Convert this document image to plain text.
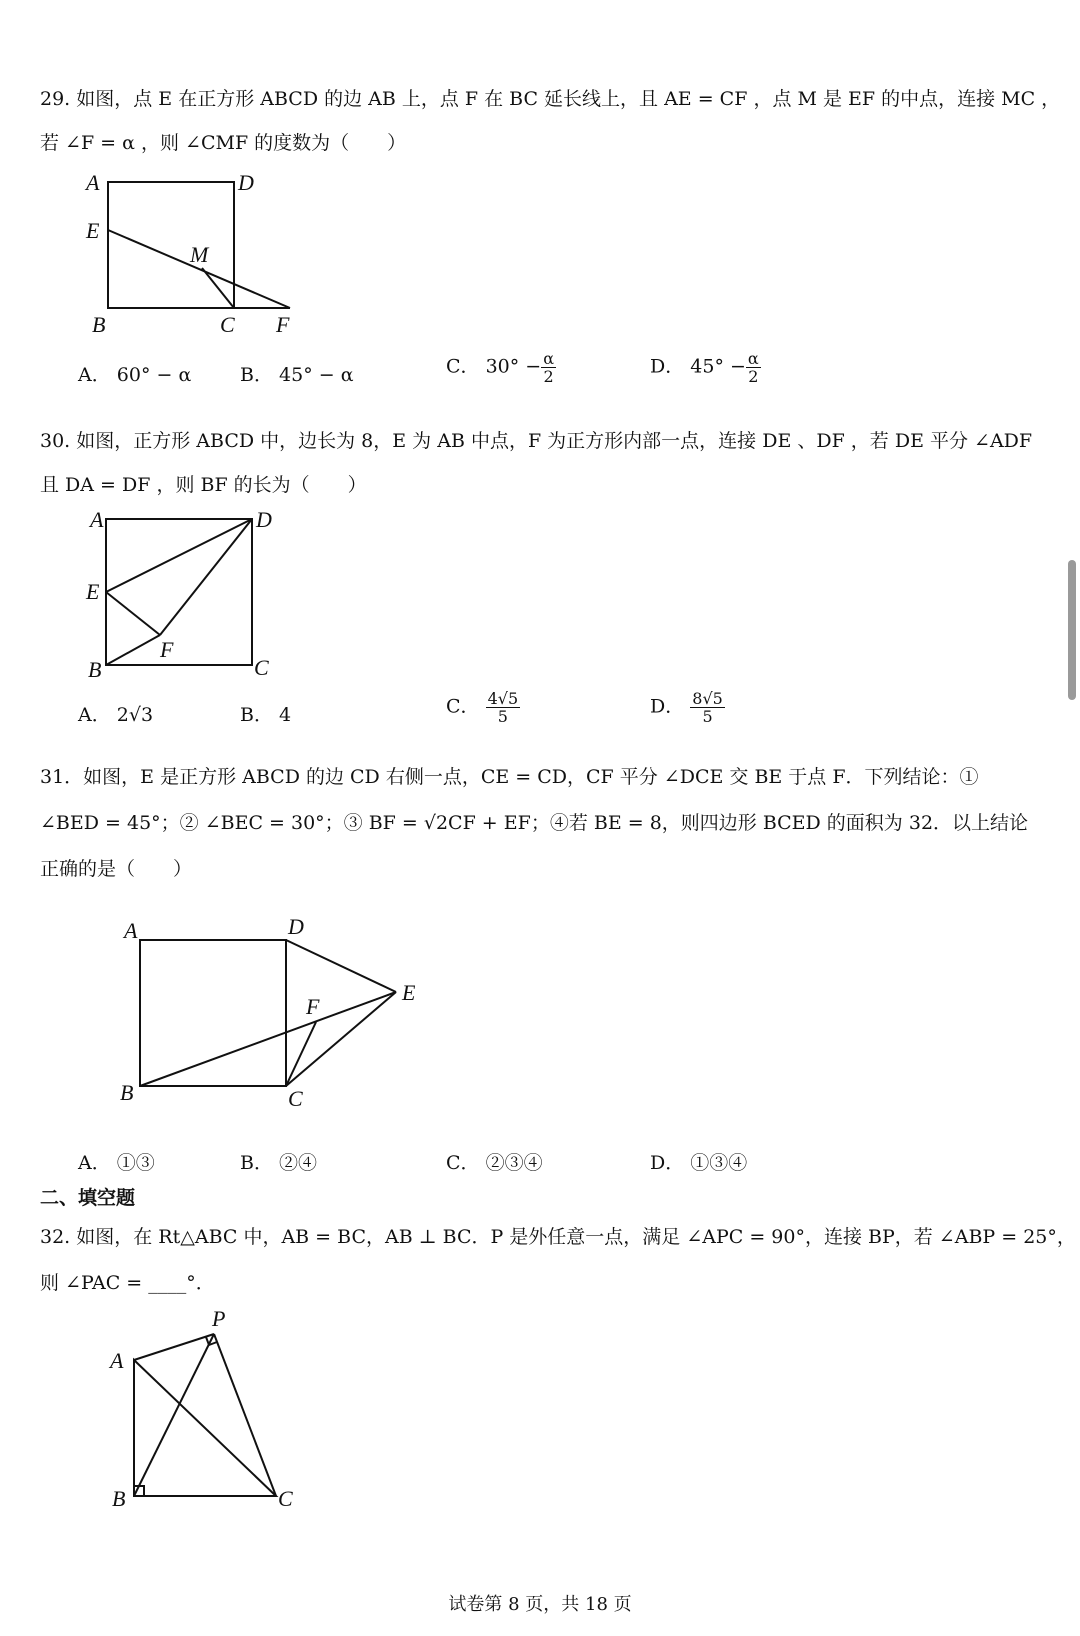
29. 如图，点 E 在正方形 ABCD 的边 AB 上，点 F 在 BC 延长线上，且 AE = CF ，点 M 是 EF 的中点，连接 MC ，
若 ∠F = α ，则 ∠CMF 的度数为（　　）
A	D
E
M
B	C F
A． 60° − α	B． 45° − α	C． $30^\circ - \frac{\alpha}{2}$	D． $45^\circ - \frac{\alpha}{2}$
30. 如图，正方形 ABCD 中，边长为 8，E 为 AB 中点，F 为正方形内部一点，连接 DE 、DF ，若 DE 平分 ∠ADF
且 DA = DF ，则 BF 的长为（　　）
A	D
E
F
B	C
A． 2√3	B． 4	C． $\frac{4√5}{5}$	D． $\frac{8√5}{5}$
31．如图，E 是正方形 ABCD 的边 CD 右侧一点，CE = CD，CF 平分 ∠DCE 交 BE 于点 F．下列结论：①
∠BED = 45°；② ∠BEC = 30°；③ BF = √2CF + EF；④若 BE = 8，则四边形 BCED 的面积为 32．以上结论
正确的是（　　）
A	D
E
F
B	C
A． ①③	B． ②④	C． ②③④	D． ①③④
二、填空题
32. 如图，在 Rt△ABC 中，AB = BC，AB ⊥ BC．P 是外任意一点，满足 ∠APC = 90°，连接 BP，若 ∠ABP = 25°，
则 ∠PAC = ____°．
P
A
B	C
试卷第 8 页，共 18 页
